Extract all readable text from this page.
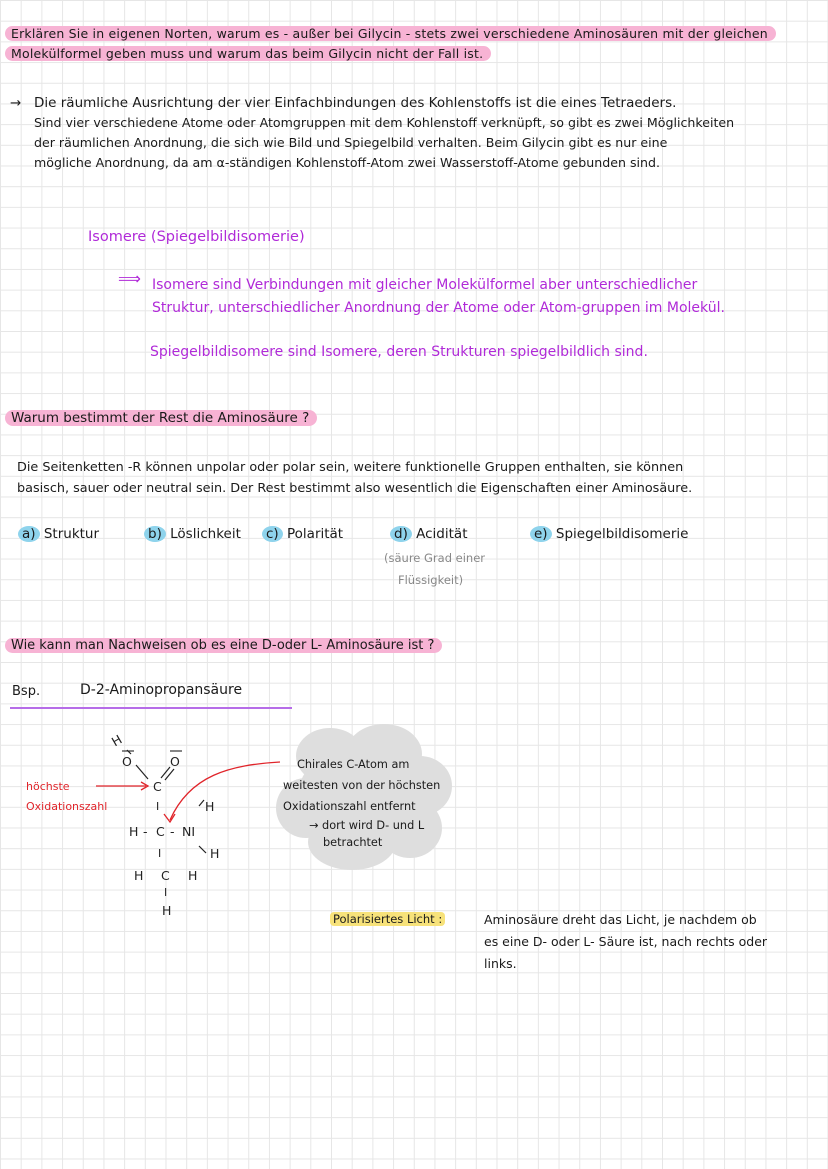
Erklären Sie in eigenen Norten, warum es - außer bei Gilycin - stets zwei verschiedene Aminosäuren mit der gleichen
Molekülformel geben muss und warum das beim Gilycin nicht der Fall ist.
→ Die räumliche Ausrichtung der vier Einfachbindungen des Kohlenstoffs ist die eines Tetraeders.
Sind vier verschiedene Atome oder Atomgruppen mit dem Kohlenstoff verknüpft, so gibt es zwei Möglichkeiten
der räumlichen Anordnung, die sich wie Bild und Spiegelbild verhalten. Beim Gilycin gibt es nur eine
mögliche Anordnung, da am α-ständigen Kohlenstoff-Atom zwei Wasserstoff-Atome gebunden sind.
Isomere (Spiegelbildisomerie)
⟹ Isomere sind Verbindungen mit gleicher Molekülformel aber unterschiedlicher
Struktur, unterschiedlicher Anordnung der Atome oder Atom-gruppen im Molekül.
Spiegelbildisomere sind Isomere, deren Strukturen spiegelbildlich sind.
Warum bestimmt der Rest die Aminosäure ?
Die Seitenketten -R können unpolar oder polar sein, weitere funktionelle Gruppen enthalten, sie können
basisch, sauer oder neutral sein. Der Rest bestimmt also wesentlich die Eigenschaften einer Aminosäure.
a) Struktur	b) Löslichkeit c) Polarität	d) Acidität	e) Spiegelbildisomerie
(säure Grad einer
Flüssigkeit)
Wie kann man Nachweisen ob es eine D-oder L- Aminosäure ist ?
Bsp.	D-2-Aminopropansäure
H
O	O
C
I
H - C - NI
H
H
I
H C H
I
H
höchste
Oxidationszahl
Chirales C-Atom am
weitesten von der höchsten
Oxidationszahl entfernt
→ dort wird D- und L
betrachtet
Polarisiertes Licht :	Aminosäure dreht das Licht, je nachdem ob
es eine D- oder L- Säure ist, nach rechts oder
links.
